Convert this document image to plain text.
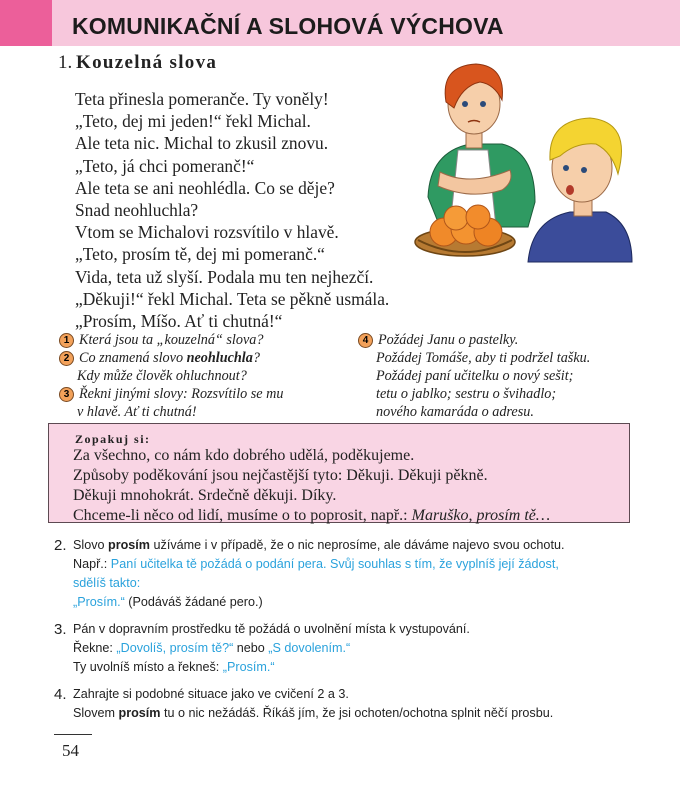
KOMUNIKAČNÍ A SLOHOVÁ VÝCHOVA
1. Kouzelná slova
Teta přinesla pomeranče. Ty voněly!
„Teto, dej mi jeden!“ řekl Michal.
Ale teta nic. Michal to zkusil znovu.
„Teto, já chci pomeranč!“
Ale teta se ani neohlédla. Co se děje?
Snad neohluchla?
Vtom se Michalovi rozsvítilo v hlavě.
„Teto, prosím tě, dej mi pomeranč.“
Vida, teta už slyší. Podala mu ten nejhezčí.
„Děkuji!“ řekl Michal. Teta se pěkně usmála.
„Prosím, Míšo. Ať ti chutná!“
1 Která jsou ta „kouzelná“ slova?
2 Co znamená slovo neohluchla?
Kdy může člověk ohluchnout?
3 Řekni jinými slovy: Rozsvítilo se mu
v hlavě. Ať ti chutná!
4 Požádej Janu o pastelky.
Požádej Tomáše, aby ti podržel tašku.
Požádej paní učitelku o nový sešit;
tetu o jablko; sestru o švihadlo;
nového kamaráda o adresu.
Zopakuj si:
Za všechno, co nám kdo dobrého udělá, poděkujeme.
Způsoby poděkování jsou nejčastější tyto: Děkuji. Děkuji pěkně.
Děkuji mnohokrát. Srdečně děkuji. Díky.
Chceme-li něco od lidí, musíme o to poprosit, např.: Maruško, prosím tě…
2. Slovo prosím užíváme i v případě, že o nic neprosíme, ale dáváme najevo svou ochotu.
Např.: Paní učitelka tě požádá o podání pera. Svůj souhlas s tím, že vyplníš její žádost,
sdělíš takto:
„Prosím.“ (Podáváš žádané pero.)
3. Pán v dopravním prostředku tě požádá o uvolnění místa k vystupování.
Řekne: „Dovolíš, prosím tě?“ nebo „S dovolením.“
Ty uvolníš místo a řekneš: „Prosím.“
4. Zahrajte si podobné situace jako ve cvičení 2 a 3.
Slovem prosím tu o nic nežádáš. Říkáš jím, že jsi ochoten/ochotna splnit něčí prosbu.
54
